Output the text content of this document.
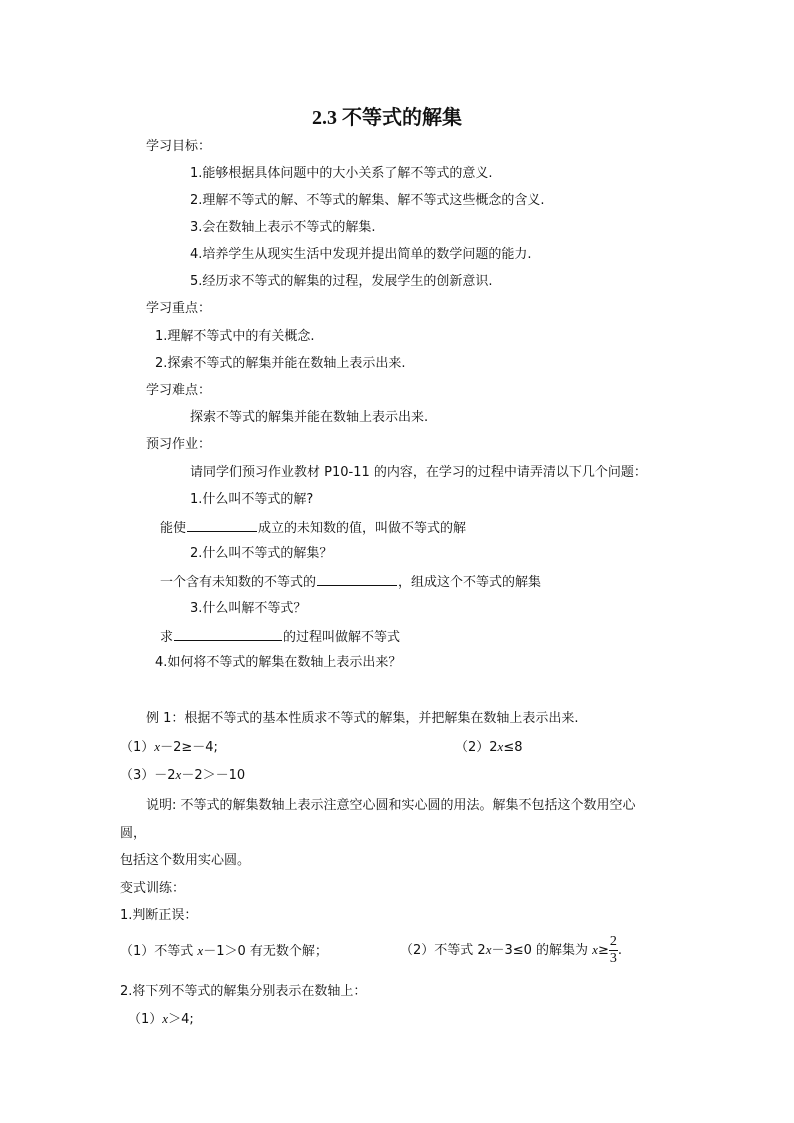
2.3 不等式的解集
学习目标：
1.能够根据具体问题中的大小关系了解不等式的意义.
2.理解不等式的解、不等式的解集、解不等式这些概念的含义.
3.会在数轴上表示不等式的解集.
4.培养学生从现实生活中发现并提出简单的数学问题的能力.
5.经历求不等式的解集的过程，发展学生的创新意识.
学习重点：
1.理解不等式中的有关概念.
2.探索不等式的解集并能在数轴上表示出来.
学习难点：
探索不等式的解集并能在数轴上表示出来.
预习作业：
请同学们预习作业教材 P10-11 的内容，在学习的过程中请弄清以下几个问题：
1.什么叫不等式的解?
能使	成立的未知数的值，叫做不等式的解
2.什么叫不等式的解集？
一个含有未知数的不等式的	，组成这个不等式的解集
3.什么叫解不等式？
求	的过程叫做解不等式
4.如何将不等式的解集在数轴上表示出来？
例 1：根据不等式的基本性质求不等式的解集，并把解集在数轴上表示出来.
（1）x－2≥－4;	（2）2x≤8
（3）－2x－2＞－10
说明: 不等式的解集数轴上表示注意空心圆和实心圆的用法。解集不包括这个数用空心
圆，
包括这个数用实心圆。
变式训练：
1.判断正误：
（1）不等式 x－1＞0 有无数个解；	（2）不等式 2x－3≤0 的解集为 $x\ge \frac{2}{3}$ .
2.将下列不等式的解集分别表示在数轴上：
（1）x＞4;
